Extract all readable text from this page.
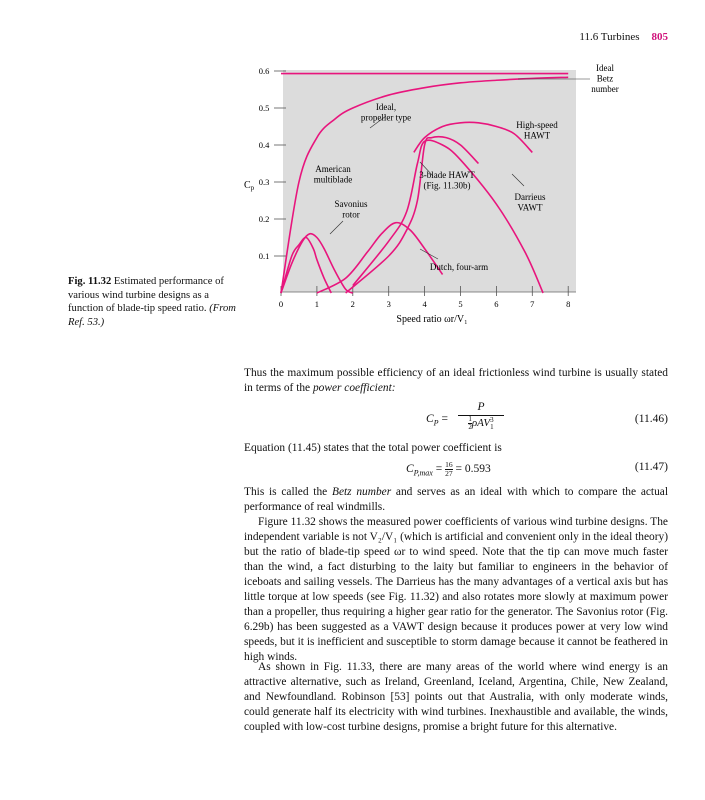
11.6 Turbines 805
0	1	2	3	4	5	6	7	8
0.1
0.2
0.3
0.4
0.5
0.6	Ideal Betz number
Ideal, propeller type
American multiblade
Savonius rotor
Dutch, four-arm
3-blade HAWT (Fig. 11.30b)
Darrieus VAWT
High-speed HAWT
$C_p$
Speed ratio ωr/V₁
Fig. 11.32 Estimated performance of various wind turbine designs as a function of blade-tip speed ratio. (From Ref. 53.)
Thus the maximum possible efficiency of an ideal frictionless wind turbine is usually stated in terms of the power coefficient:
$C_P$ =
P
$\frac{1}{2}$ ρAV 3
1
(11.46)
Equation (11.45) states that the total power coefficient is
$C_{P,max} = \frac{16}{27} = 0.593$	(11.47)
This is called the Betz number and serves as an ideal with which to compare the actual performance of real windmills.
Figure 11.32 shows the measured power coefficients of various wind turbine designs. The independent variable is not V₂/V₁ (which is artificial and convenient only in the ideal theory) but the ratio of blade-tip speed ωr to wind speed. Note that the tip can move much faster than the wind, a fact disturbing to the laity but familiar to engineers in the behavior of iceboats and sailing vessels. The Darrieus has the many advantages of a vertical axis but has little torque at low speeds (see Fig. 11.32) and also rotates more slowly at maximum power than a propeller, thus requiring a higher gear ratio for the generator. The Savonius rotor (Fig. 6.29b) has been suggested as a VAWT design because it produces power at very low wind speeds, but it is inefficient and susceptible to storm damage because it cannot be feathered in high winds.
As shown in Fig. 11.33, there are many areas of the world where wind energy is an attractive alternative, such as Ireland, Greenland, Iceland, Argentina, Chile, New Zealand, and Newfoundland. Robinson [53] points out that Australia, with only moderate winds, could generate half its electricity with wind turbines. Inexhaustible and available, the winds, coupled with low-cost turbine designs, promise a bright future for this alternative.
